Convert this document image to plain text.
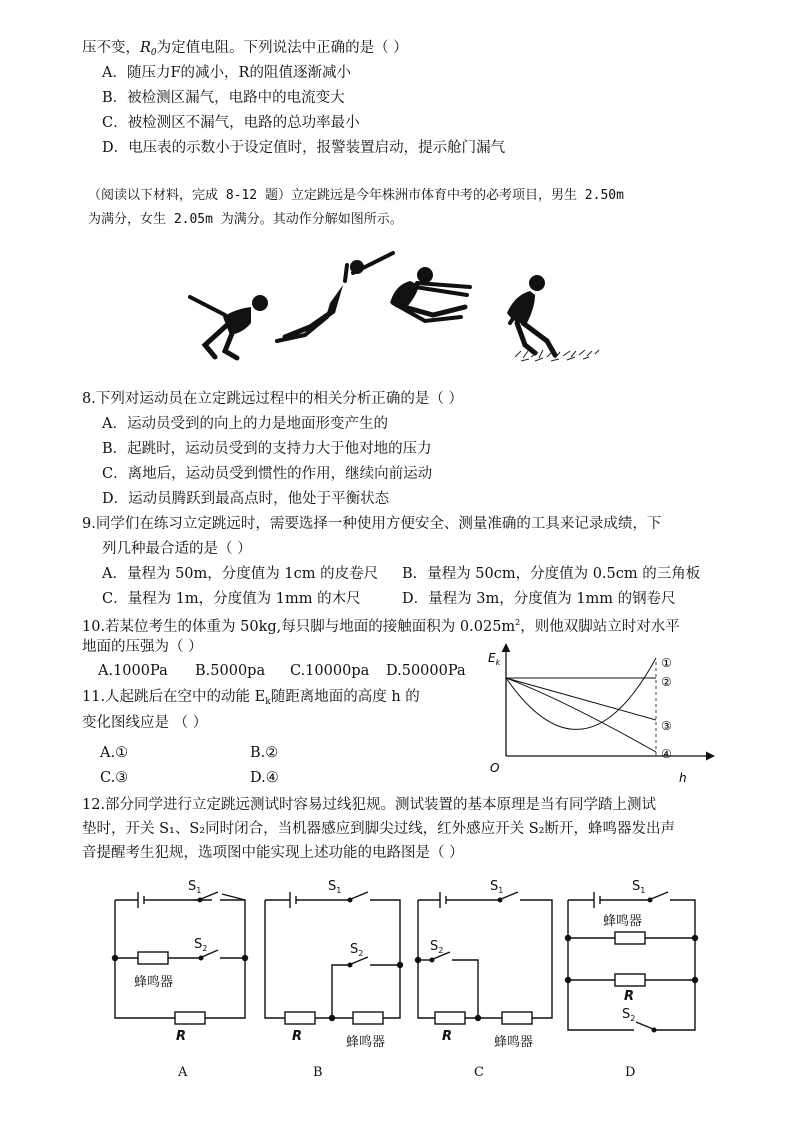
压不变，$R_0$为定值电阻。下列说法中正确的是（ ）
A．随压力F的减小，R的阻值逐渐减小
B．被检测区漏气，电路中的电流变大
C．被检测区不漏气，电路的总功率最小
D．电压表的示数小于设定值时，报警装置启动，提示舱门漏气
（阅读以下材料，完成 8-12 题）立定跳远是今年株洲市体育中考的必考项目，男生 2.50m
为满分，女生 2.05m 为满分。其动作分解如图所示。
8.下列对运动员在立定跳远过程中的相关分析正确的是（ ）
A．运动员受到的向上的力是地面形变产生的
B．起跳时，运动员受到的支持力大于他对地的压力
C．离地后，运动员受到惯性的作用，继续向前运动
D．运动员腾跃到最高点时，他处于平衡状态
9.同学们在练习立定跳远时，需要选择一种使用方便安全、测量准确的工具来记录成绩，下
列几种最合适的是（ ）
A．量程为 50m，分度值为 1cm 的皮卷尺 B．量程为 50cm，分度值为 0.5cm 的三角板
C．量程为 1m，分度值为 1mm 的木尺	D．量程为 3m，分度值为 1mm 的钢卷尺
10.若某位考生的体重为 50kg,每只脚与地面的接触面积为 $0.025m^2$，则他双脚站立时对水平
地面的压强为（ ）
A.1000Pa B.5000pa C.10000pa D.50000Pa
11.人起跳后在空中的动能 $E_k$随距离地面的高度 h 的
变化图线应是 （ ）
A.①	B.②
C.③	D.④
$E_k$
h
O
①
②
③
④
12.部分同学进行立定跳远测试时容易过线犯规。测试装置的基本原理是当有同学踏上测试
垫时，开关 S₁、S₂同时闭合，当机器感应到脚尖过线，红外感应开关 S₂断开，蜂鸣器发出声
音提醒考生犯规，选项图中能实现上述功能的电路图是（ ）
$S_1$
$S_2$
蜂鸣器
R
$S_1$
$S_2$
R	蜂鸣器
$S_1$
$S_2$
R	蜂鸣器
$S_1$
蜂鸣器
R
$S_2$
A	B	C	D
